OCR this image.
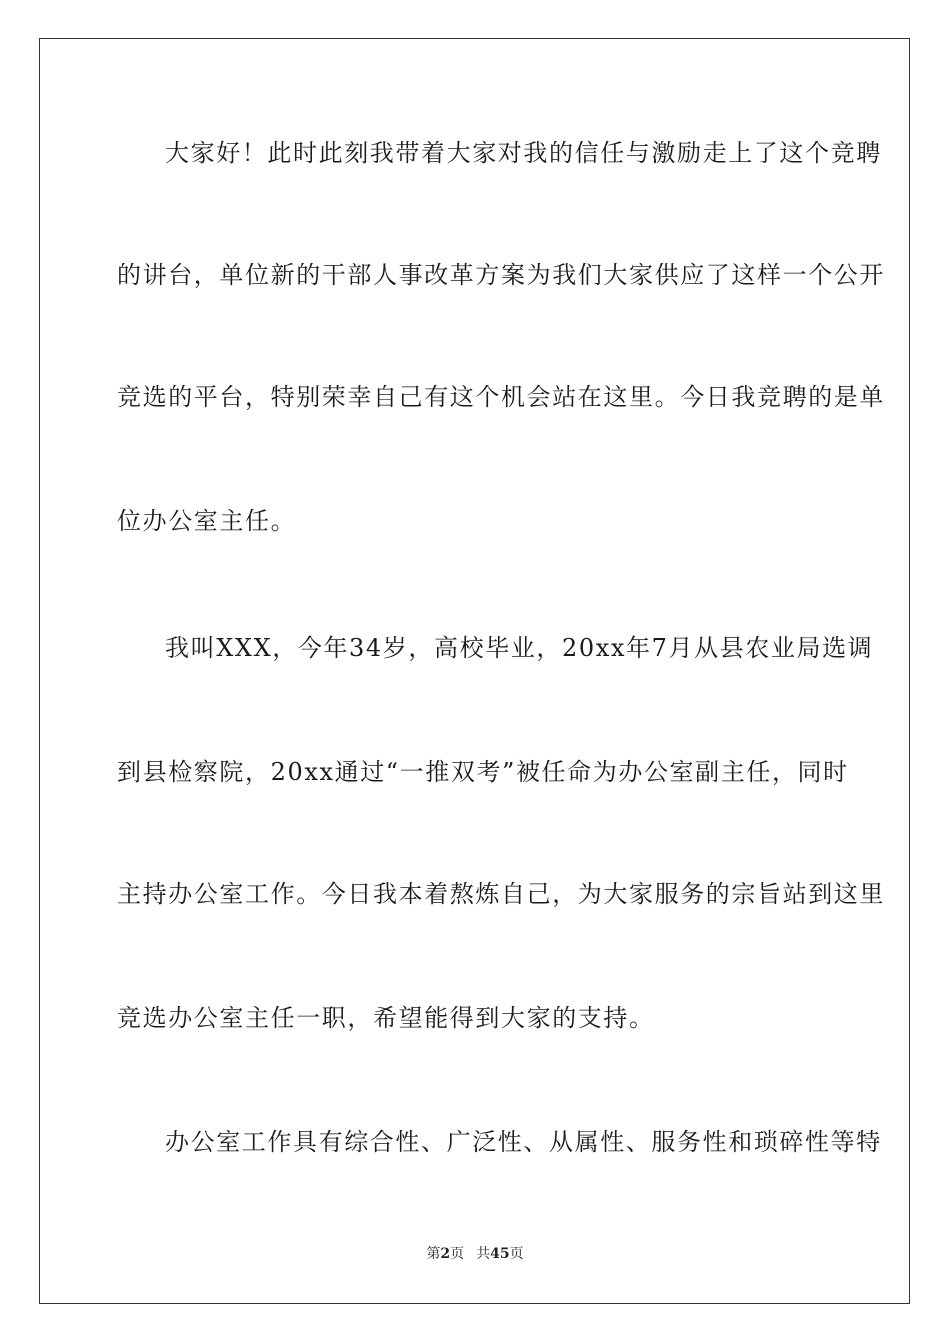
大家好！此时此刻我带着大家对我的信任与激励走上了这个竞聘
的讲台，单位新的干部人事改革方案为我们大家供应了这样一个公开
竞选的平台，特别荣幸自己有这个机会站在这里。今日我竞聘的是单
位办公室主任。
我叫XXX，今年34岁，高校毕业，20xx年7月从县农业局选调
到县检察院，20xx通过“一推双考”被任命为办公室副主任，同时
主持办公室工作。今日我本着熬炼自己，为大家服务的宗旨站到这里
竞选办公室主任一职，希望能得到大家的支持。
办公室工作具有综合性、广泛性、从属性、服务性和琐碎性等特
第2页 共45页
